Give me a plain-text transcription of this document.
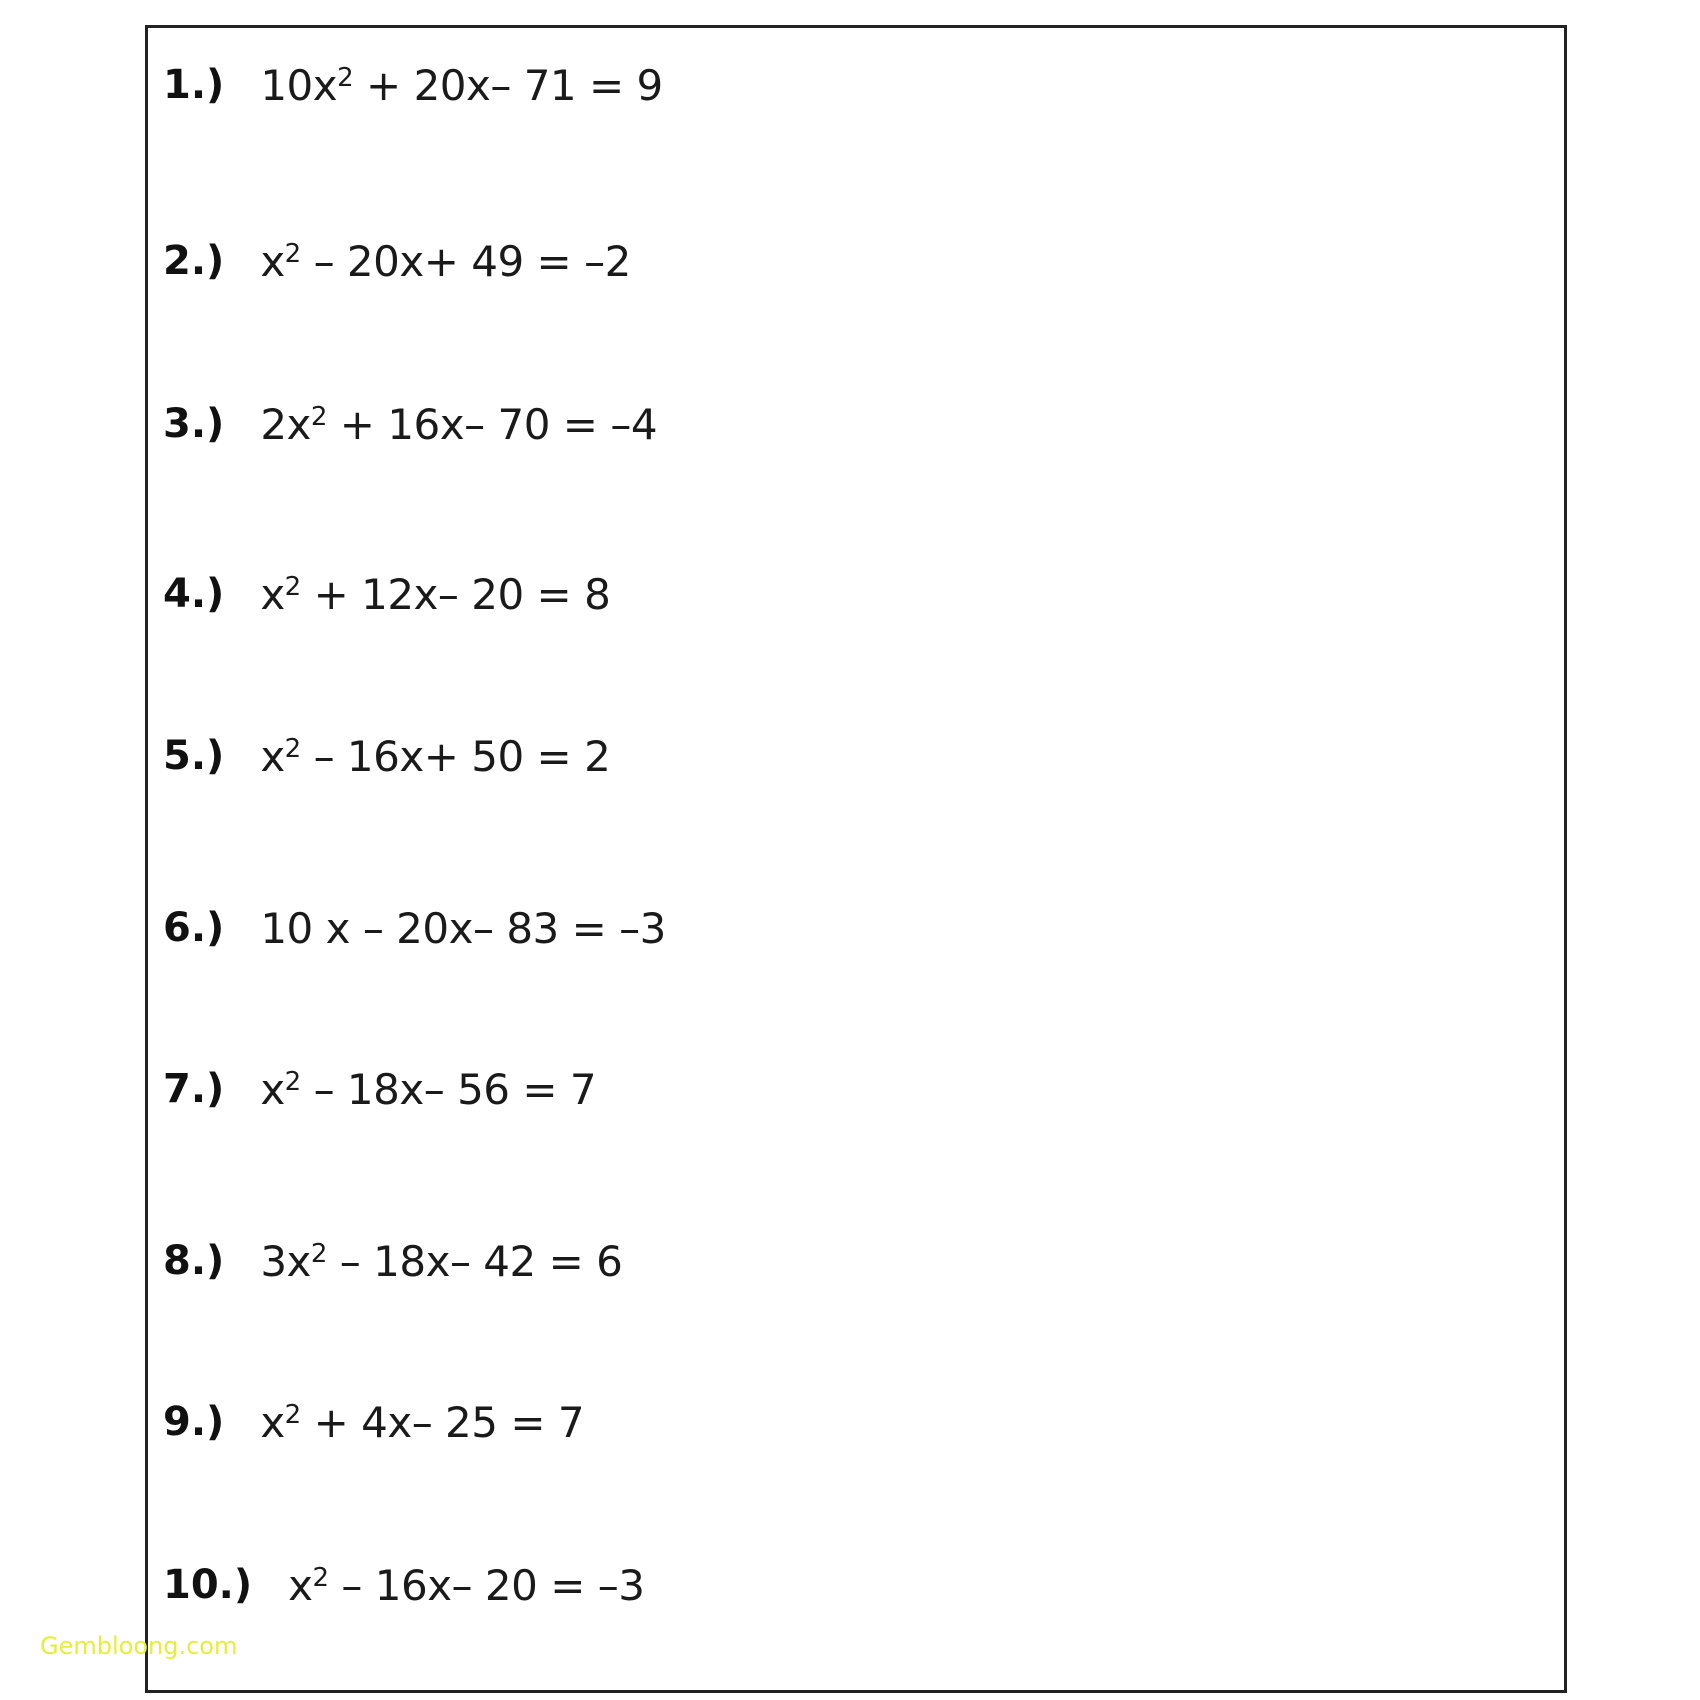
1.) $10x^2 + 20x-$ 71 = 9
2.) $x^2 - 20x+ 49 = -2$
3.) $2x^2 + 16x-$ 70 = –4
4.) $x^2 + 12x-$ 20 = 8
5.) $x^2 - 16x+ 50 = 2$
6.) 10 x – 20x– 83 = –3
7.) $x^2 - 18x-$ 56 = 7
8.) $3x^2 - 18x-$ 42 = 6
9.) $x^2 + 4x-$ 25 = 7
10.) $x^2 - 16x-$ 20 = –3
Gembloong.com
